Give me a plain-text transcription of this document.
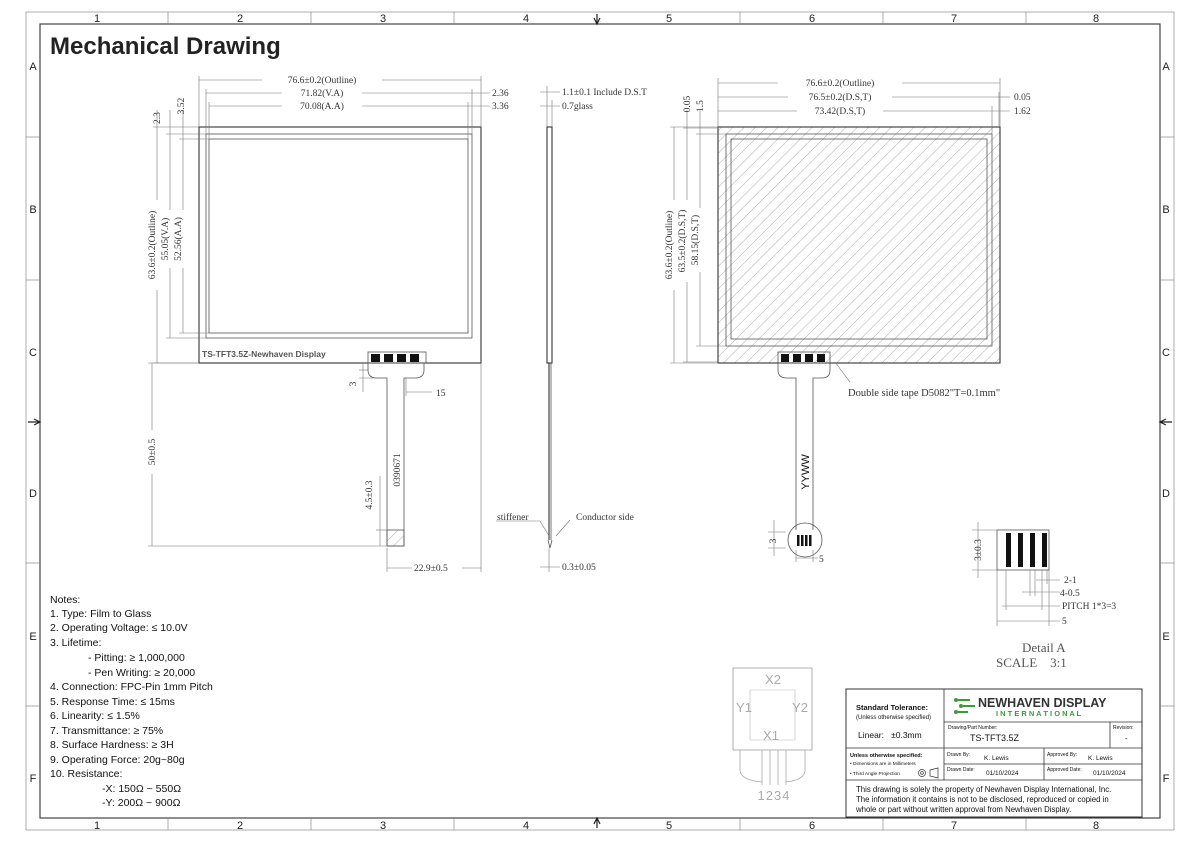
1	2	3	4	5	6	7	8
1	2	3	4	5	6	7	8
A
B
C
D
E
F
A
B
C
D
E
F
Mechanical Drawing
0390671
TS-TFT3.5Z-Newhaven Display
76.6±0.2(Outline)
71.82(V.A)
70.08(A.A)
2.36
3.36
2.3
3.52
63.6±0.2(Outline) 55.05(V.A) 52.56(A.A)
3
15
50±0.5
4.5±0.3
22.9±0.5
1.1±0.1 Include D.S.T
0.7glass
stiffener	Conductor side
0.3±0.05
YYWW
76.6±0.2(Outline)
76.5±0.2(D.S,T)
73.42(D.S,T)
0.05
1.62
0.05 1.5
63.6±0.2(Outline) 63.5±0.2(D.S,T) 58.15(D.S,T)
Double side tape D5082"T=0.1mm"
3
5	3±0.3
2-1
4-0.5
PITCH 1*3=3
5
Detail A
SCALE    3:1
X2
Y1	Y2
X1
1234
Notes:
1. Type: Film to Glass
2. Operating Voltage: ≤ 10.0V
3. Lifetime:
- Pitting: ≥ 1,000,000
- Pen Writing: ≥ 20,000
4. Connection: FPC-Pin 1mm Pitch
5. Response Time: ≤ 15ms
6. Linearity: ≤ 1.5%
7. Transmittance: ≥ 75%
8. Surface Hardness: ≥ 3H
9. Operating Force: 20g~80g
10. Resistance:
-X: 150Ω ~ 550Ω
-Y: 200Ω ~ 900Ω
Standard Tolerance:
(Unless otherwise specified)
Linear:   ±0.3mm
NEWHAVEN DISPLAY
I N T E R N A T I O N A L
Drawing/Part Number:
TS-TFT3.5Z
Revision:
-
Unless otherwise specified:
• Dimensions are in Millimeters
• Third Angle Projection
Drawn By: K. Lewis	Approved By: K. Lewis
Drawn Date: 01/10/2024	Approved Date: 01/10/2024
This drawing is solely the property of Newhaven Display International, Inc.
The information it contains is not to be disclosed, reproduced or copied in
whole or part without written approval from Newhaven Display.
